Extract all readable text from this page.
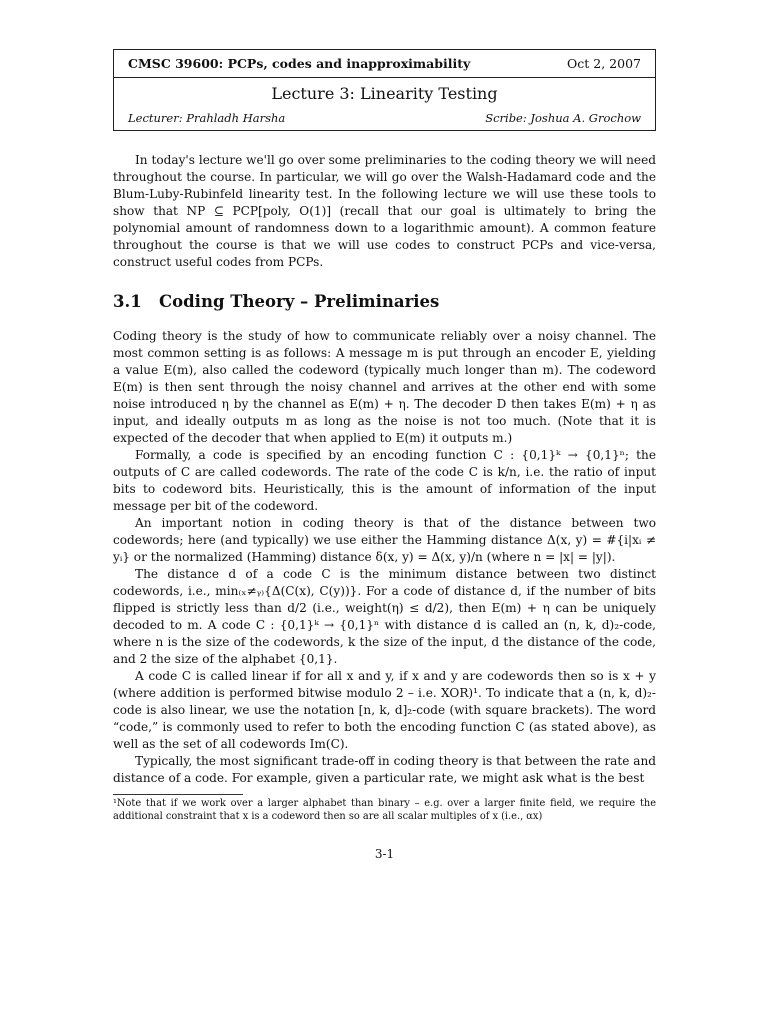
CMSC 39600: PCPs, codes and inapproximability	Oct 2, 2007
Lecture 3: Linearity Testing
Lecturer: Prahladh Harsha	Scribe: Joshua A. Grochow
In today's lecture we'll go over some preliminaries to the coding theory we will need throughout the course. In particular, we will go over the Walsh-Hadamard code and the Blum-Luby-Rubinfeld linearity test. In the following lecture we will use these tools to show that NP ⊆ PCP[poly, O(1)] (recall that our goal is ultimately to bring the polynomial amount of randomness down to a logarithmic amount). A common feature throughout the course is that we will use codes to construct PCPs and vice-versa, construct useful codes from PCPs.
3.1 Coding Theory – Preliminaries
Coding theory is the study of how to communicate reliably over a noisy channel. The most common setting is as follows: A message m is put through an encoder E, yielding a value E(m), also called the codeword (typically much longer than m). The codeword E(m) is then sent through the noisy channel and arrives at the other end with some noise introduced η by the channel as E(m) + η. The decoder D then takes E(m) + η as input, and ideally outputs m as long as the noise is not too much. (Note that it is expected of the decoder that when applied to E(m) it outputs m.)
Formally, a code is specified by an encoding function C : {0,1}ᵏ → {0,1}ⁿ; the outputs of C are called codewords. The rate of the code C is k/n, i.e. the ratio of input bits to codeword bits. Heuristically, this is the amount of information of the input message per bit of the codeword.
An important notion in coding theory is that of the distance between two codewords; here (and typically) we use either the Hamming distance Δ(x, y) = #{i|xᵢ ≠ yᵢ} or the normalized (Hamming) distance δ(x, y) = Δ(x, y)/n (where n = |x| = |y|).
The distance d of a code C is the minimum distance between two distinct codewords, i.e., min₍ₓ≠ᵧ₎{Δ(C(x), C(y))}. For a code of distance d, if the number of bits flipped is strictly less than d/2 (i.e., weight(η) ≤ d/2), then E(m) + η can be uniquely decoded to m. A code C : {0,1}ᵏ → {0,1}ⁿ with distance d is called an (n, k, d)₂-code, where n is the size of the codewords, k the size of the input, d the distance of the code, and 2 the size of the alphabet {0,1}.
A code C is called linear if for all x and y, if x and y are codewords then so is x + y (where addition is performed bitwise modulo 2 – i.e. XOR)¹. To indicate that a (n, k, d)₂-code is also linear, we use the notation [n, k, d]₂-code (with square brackets). The word “code,” is commonly used to refer to both the encoding function C (as stated above), as well as the set of all codewords Im(C).
Typically, the most significant trade-off in coding theory is that between the rate and distance of a code. For example, given a particular rate, we might ask what is the best
¹Note that if we work over a larger alphabet than binary – e.g. over a larger finite field, we require the additional constraint that x is a codeword then so are all scalar multiples of x (i.e., αx)
3-1
